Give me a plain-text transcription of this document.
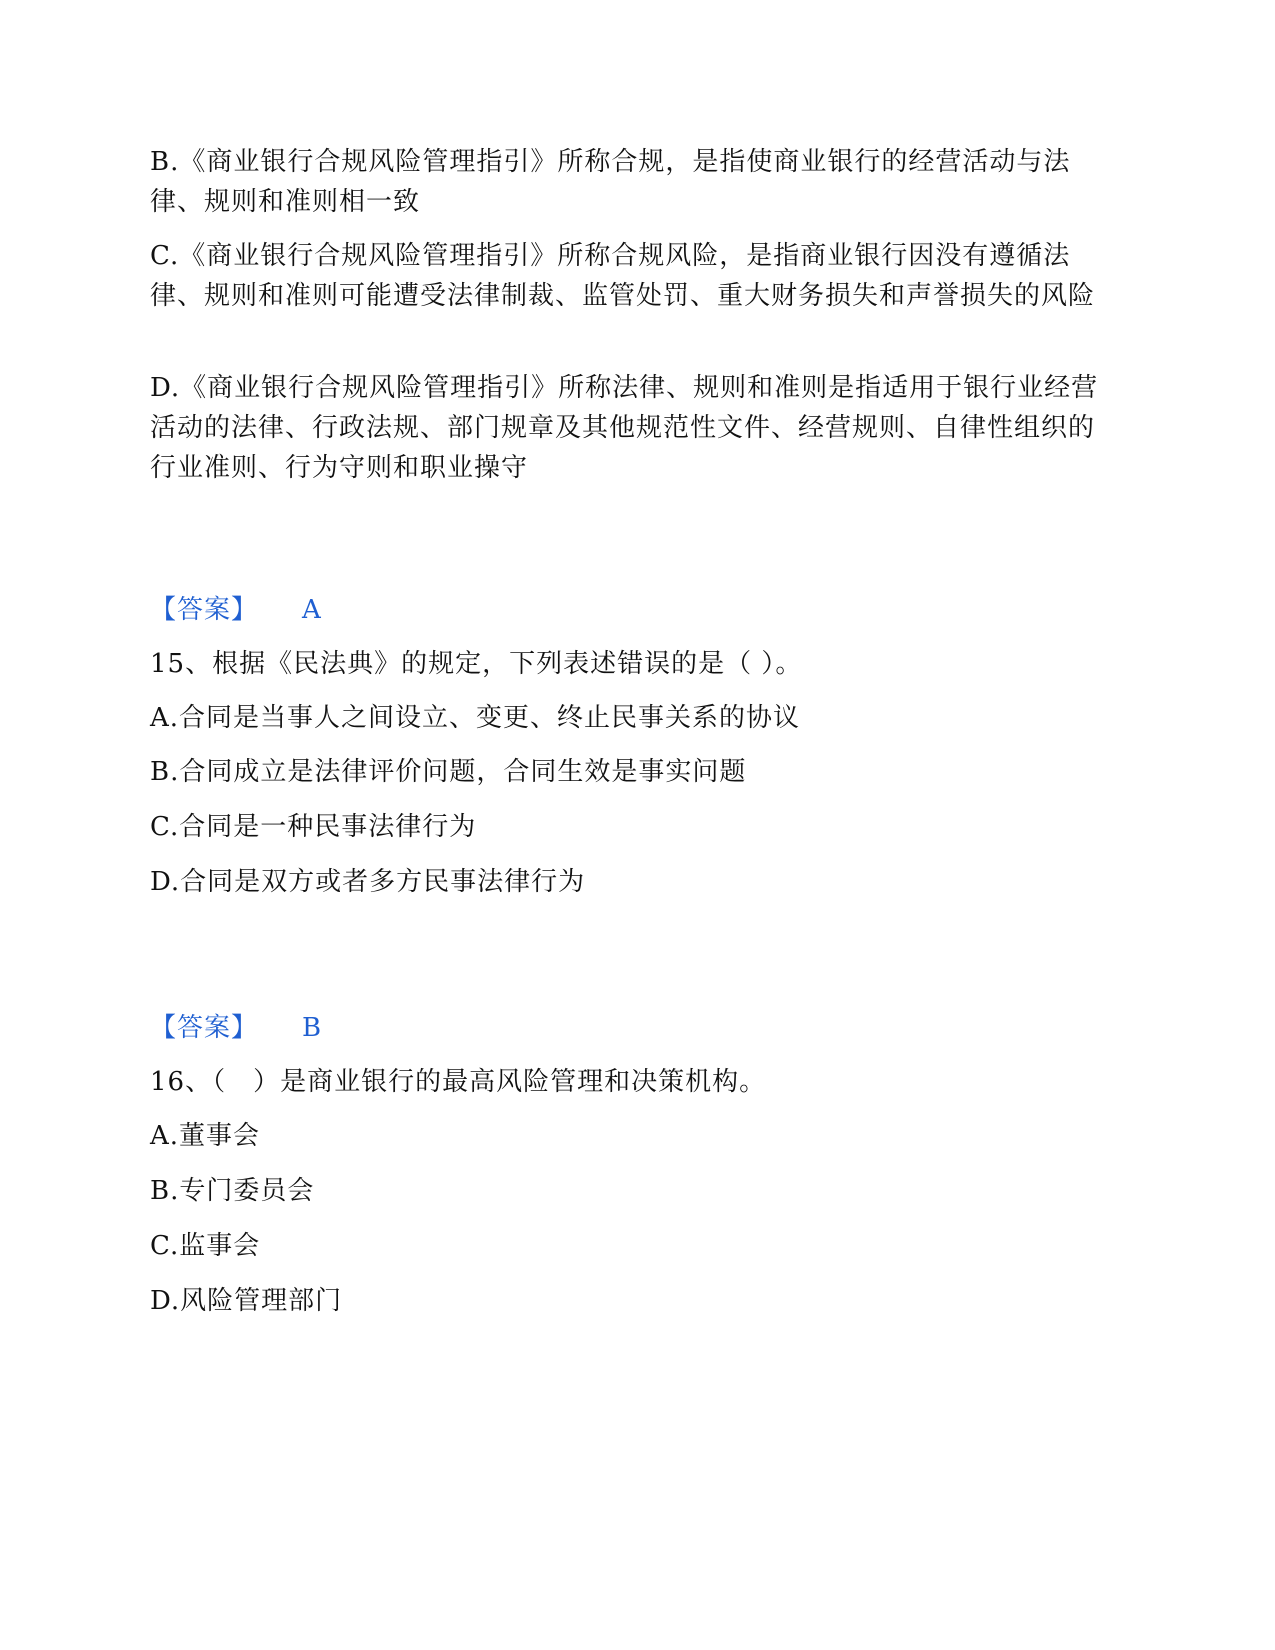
B.《商业银行合规风险管理指引》所称合规，是指使商业银行的经营活动与法律、规则和准则相一致

C.《商业银行合规风险管理指引》所称合规风险，是指商业银行因没有遵循法律、规则和准则可能遭受法律制裁、监管处罚、重大财务损失和声誉损失的风险

D.《商业银行合规风险管理指引》所称法律、规则和准则是指适用于银行业经营活动的法律、行政法规、部门规章及其他规范性文件、经营规则、自律性组织的行业准则、行为守则和职业操守

【答案】 A

15、根据《民法典》的规定，下列表述错误的是（ ）。

A.合同是当事人之间设立、变更、终止民事关系的协议

B.合同成立是法律评价问题，合同生效是事实问题

C.合同是一种民事法律行为

D.合同是双方或者多方民事法律行为

【答案】 B

16、（　）是商业银行的最高风险管理和决策机构。

A.董事会

B.专门委员会

C.监事会

D.风险管理部门
